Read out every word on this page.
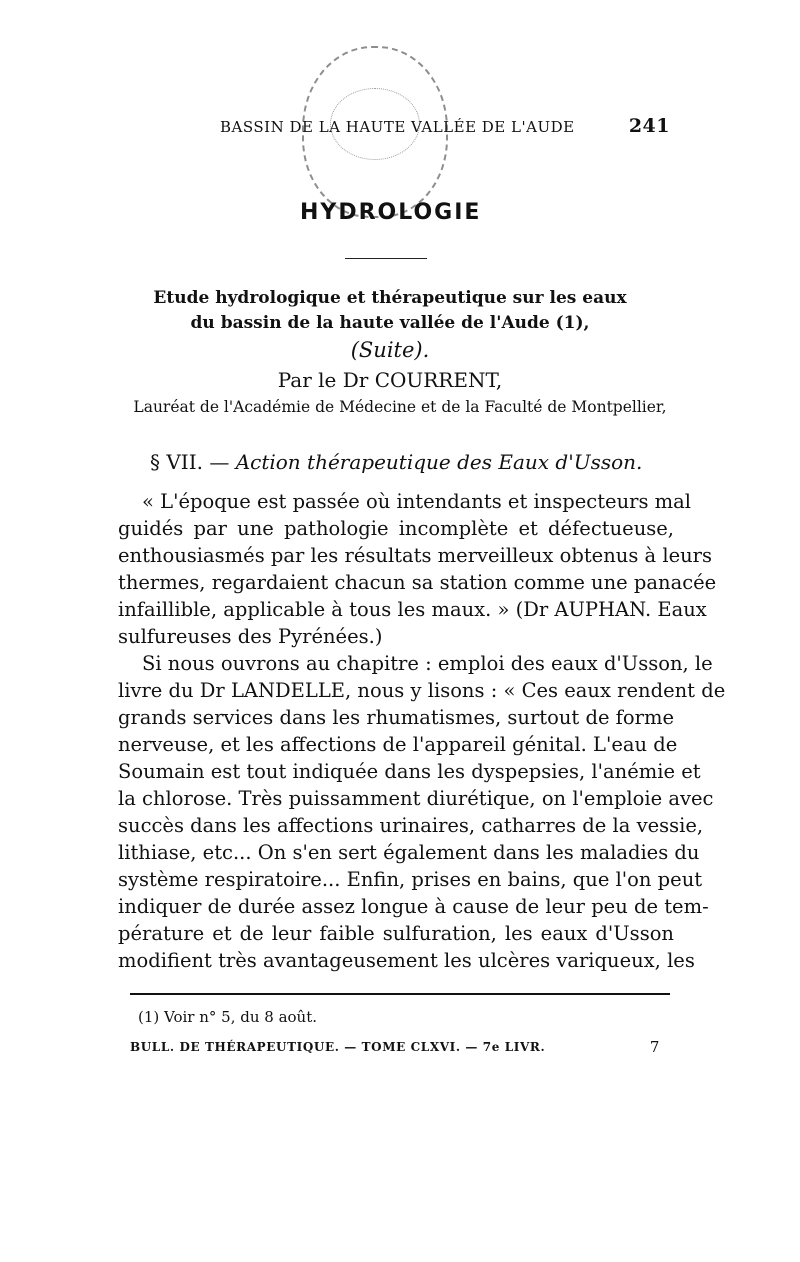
BASSIN DE LA HAUTE VALLÉE DE L'AUDE	241
HYDROLOGIE
Etude hydrologique et thérapeutique sur les eaux
du bassin de la haute vallée de l'Aude (1),
(Suite).
Par le Dr COURRENT,
Lauréat de l'Académie de Médecine et de la Faculté de Montpellier,
§ VII. — Action thérapeutique des Eaux d'Usson.
« L'époque est passée où intendants et inspecteurs mal
guidés par une pathologie incomplète et défectueuse,
enthousiasmés par les résultats merveilleux obtenus à leurs
thermes, regardaient chacun sa station comme une panacée
infaillible, applicable à tous les maux. » (Dr AUPHAN. Eaux
sulfureuses des Pyrénées.)
Si nous ouvrons au chapitre : emploi des eaux d'Usson, le
livre du Dr LANDELLE, nous y lisons : « Ces eaux rendent de
grands services dans les rhumatismes, surtout de forme
nerveuse, et les affections de l'appareil génital. L'eau de
Soumain est tout indiquée dans les dyspepsies, l'anémie et
la chlorose. Très puissamment diurétique, on l'emploie avec
succès dans les affections urinaires, catharres de la vessie,
lithiase, etc... On s'en sert également dans les maladies du
système respiratoire... Enfin, prises en bains, que l'on peut
indiquer de durée assez longue à cause de leur peu de tem-
pérature et de leur faible sulfuration, les eaux d'Usson
modifient très avantageusement les ulcères variqueux, les
(1) Voir n° 5, du 8 août.
BULL. DE THÉRAPEUTIQUE. — TOME CLXVI. — 7e LIVR.	7
